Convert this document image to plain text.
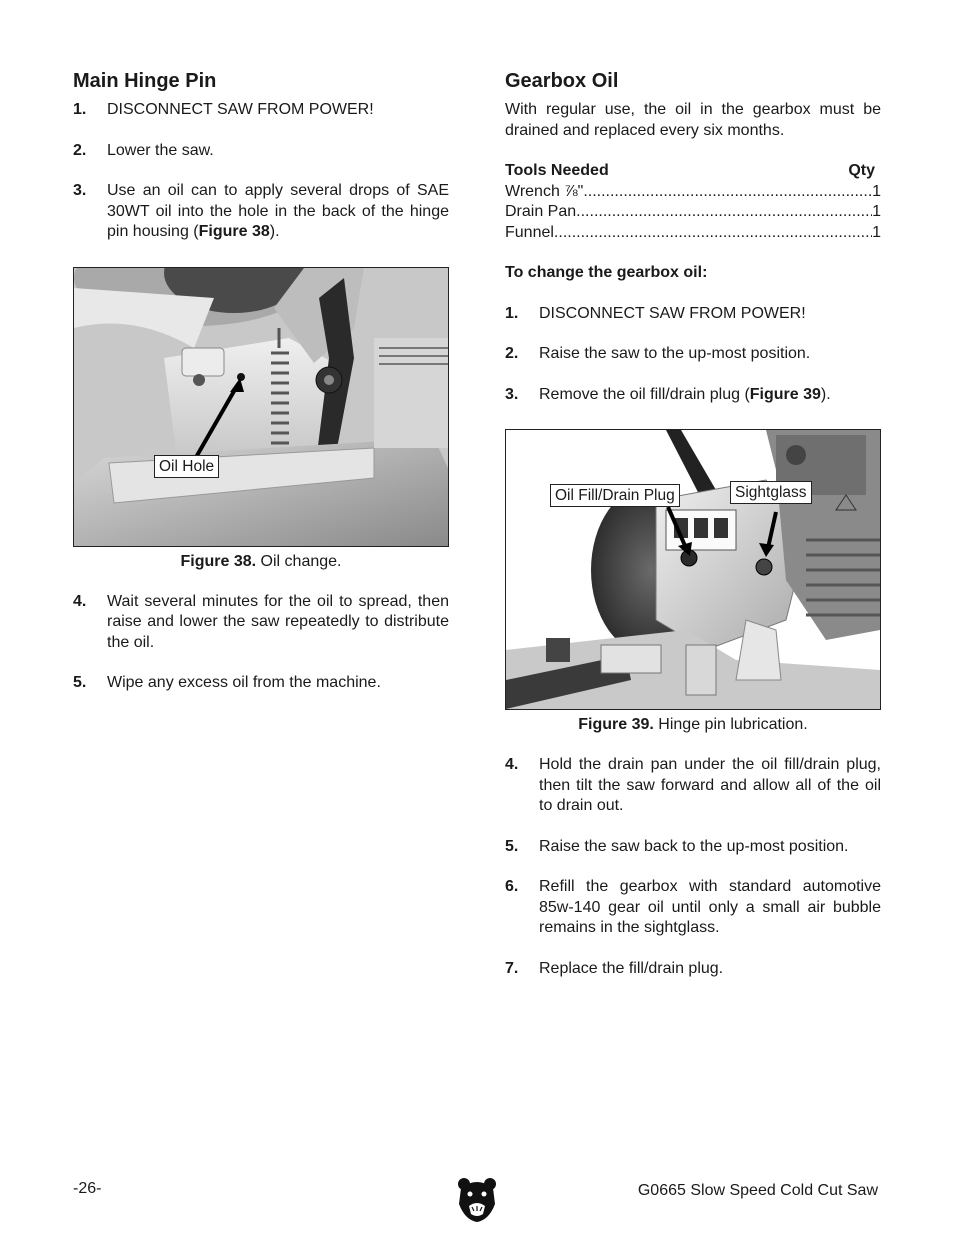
Main Hinge Pin
1. DISCONNECT SAW FROM POWER!
2. Lower the saw.
3. Use an oil can to apply several drops of SAE 30WT oil into the hole in the back of the hinge pin housing (Figure 38).
Oil Hole
Figure 38. Oil change.
4. Wait several minutes for the oil to spread, then raise and lower the saw repeatedly to distribute the oil.
5. Wipe any excess oil from the machine.
Gearbox Oil
With regular use, the oil in the gearbox must be drained and replaced every six months.
Tools Needed	Qty
Wrench ⅞" .....	1
Drain Pan .....	1
Funnel .....	1
To change the gearbox oil:
1. DISCONNECT SAW FROM POWER!
2. Raise the saw to the up-most position.
3. Remove the oil fill/drain plug (Figure 39).
Oil Fill/Drain Plug	Sightglass
Figure 39. Hinge pin lubrication.
4. Hold the drain pan under the oil fill/drain plug, then tilt the saw forward and allow all of the oil to drain out.
5. Raise the saw back to the up-most position.
6. Refill the gearbox with standard automotive 85w-140 gear oil until only a small air bubble remains in the sightglass.
7. Replace the fill/drain plug.
-26-	G0665 Slow Speed Cold Cut Saw
